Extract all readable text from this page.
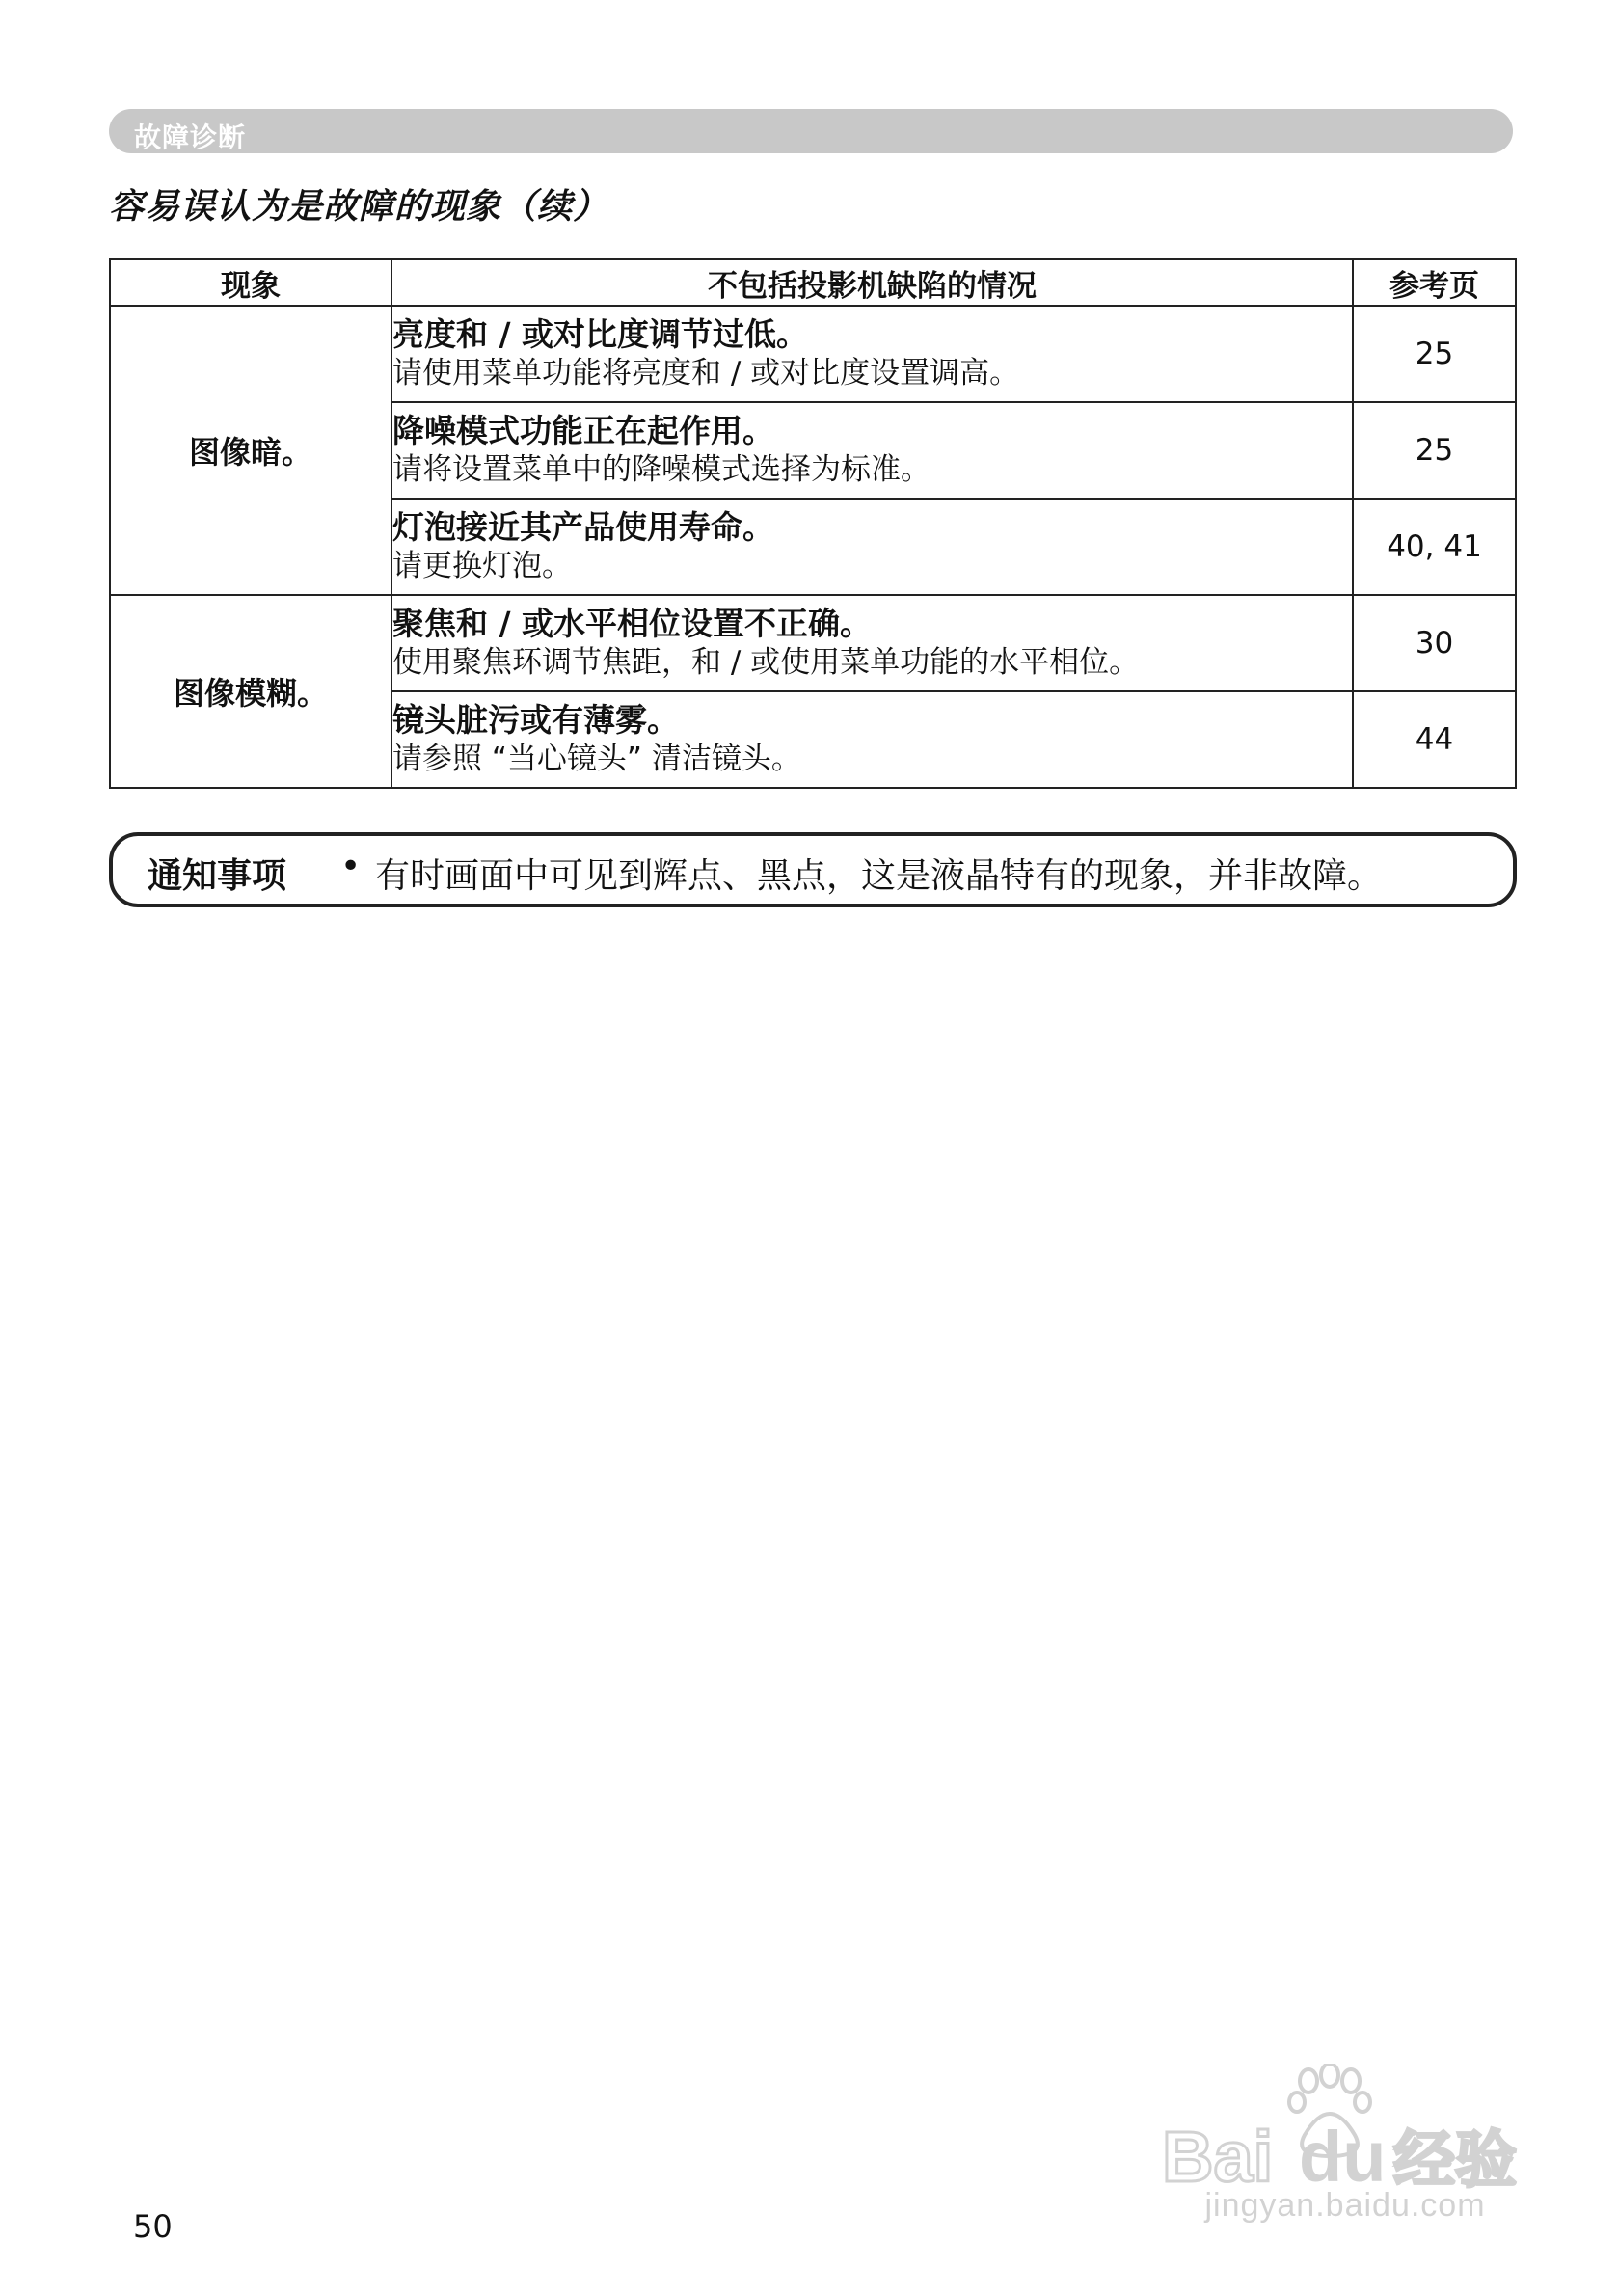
故障诊断
容易误认为是故障的现象（续）
现象	不包括投影机缺陷的情况	参考页
图像暗。	亮度和 / 或对比度调节过低。
请使用菜单功能将亮度和 / 或对比度设置调高。	25

	降噪模式功能正在起作用。
请将设置菜单中的降噪模式选择为标准。	25

	灯泡接近其产品使用寿命。
请更换灯泡。	40, 41
图像模糊。	聚焦和 / 或水平相位设置不正确。
使用聚焦环调节焦距，和 / 或使用菜单功能的水平相位。	30

	镜头脏污或有薄雾。
请参照 “当心镜头” 清洁镜头。	44
通知事项 • 有时画面中可见到辉点、黑点，这是液晶特有的现象，并非故障。
50
Bai du 经验
jingyan.baidu.com
